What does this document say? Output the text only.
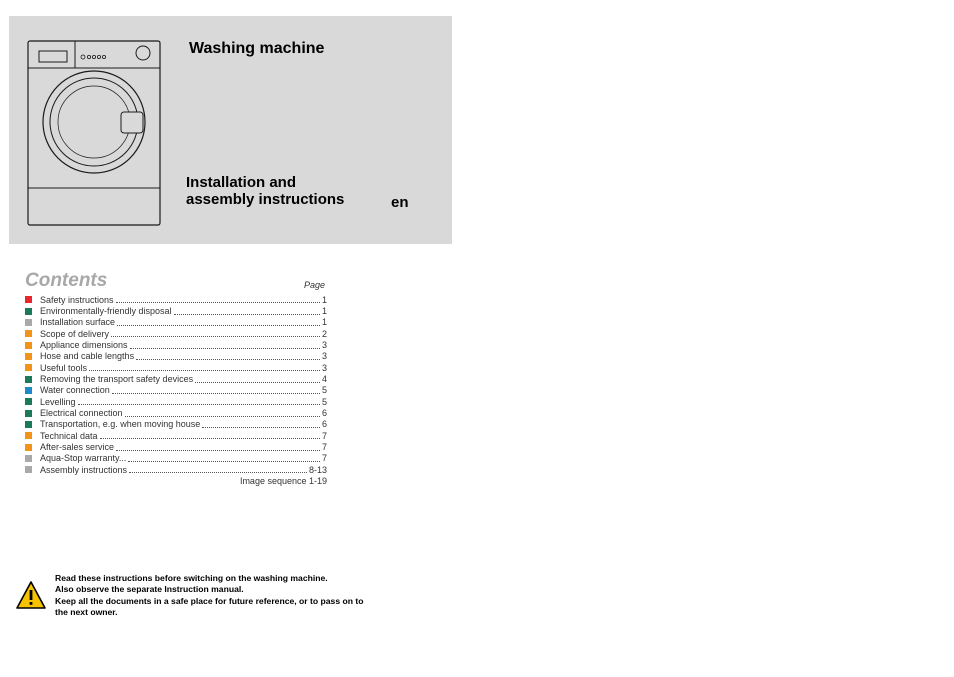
Washing machine
Installation and
assembly instructions	en
Contents	Page
Safety instructions	1
Environmentally-friendly disposal	1
Installation surface	1
Scope of delivery	2
Appliance dimensions	3
Hose and cable lengths	3
Useful tools	3
Removing the transport safety devices	4
Water connection	5
Levelling	5
Electrical connection	6
Transportation, e.g. when moving house	6
Technical data	7
After-sales service	7
Aqua-Stop warranty...	7
Assembly instructions	8-13
Image sequence 1-19
Read these instructions before switching on the washing machine.
Also observe the separate Instruction manual.
Keep all the documents in a safe place for future reference, or to pass on to
the next owner.
